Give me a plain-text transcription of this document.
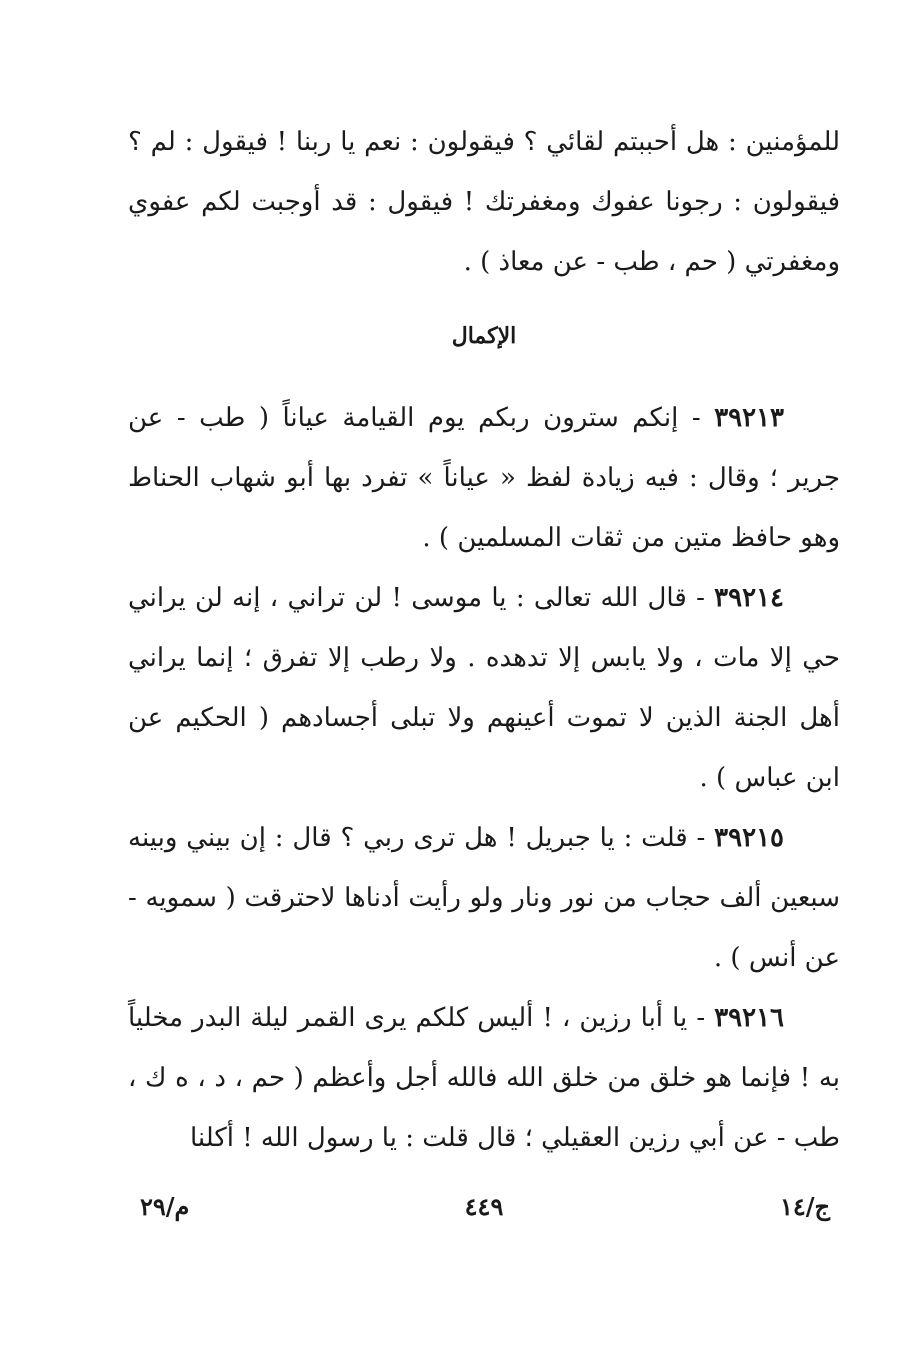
للمؤمنين : هل أحببتم لقائي ؟ فيقولون : نعم يا ربنا ! فيقول : لم ؟ فيقولون : رجونا عفوك ومغفرتك ! فيقول : قد أوجبت لكم عفوي ومغفرتي ( حم ، طب - عن معاذ ) .

الإكمال

٣٩٢١٣ - إنكم سترون ربكم يوم القيامة عياناً ( طب - عن جرير ؛ وقال : فيه زيادة لفظ « عياناً » تفرد بها أبو شهاب الحناط وهو حافظ متين من ثقات المسلمين ) .

٣٩٢١٤ - قال الله تعالى : يا موسى ! لن تراني ، إنه لن يراني حي إلا مات ، ولا يابس إلا تدهده . ولا رطب إلا تفرق ؛ إنما يراني أهل الجنة الذين لا تموت أعينهم ولا تبلى أجسادهم ( الحكيم عن ابن عباس ) .

٣٩٢١٥ - قلت : يا جبريل ! هل ترى ربي ؟ قال : إن بيني وبينه سبعين ألف حجاب من نور ونار ولو رأيت أدناها لاحترقت ( سمويه - عن أنس ) .

٣٩٢١٦ - يا أبا رزين ، ! أليس كلكم يرى القمر ليلة البدر مخلياً به ! فإنما هو خلق من خلق الله فالله أجل وأعظم ( حم ، د ، ه ك ، طب - عن أبي رزين العقيلي ؛ قال قلت : يا رسول الله ! أكلنا

م/٢٩	٤٤٩	ج/١٤
